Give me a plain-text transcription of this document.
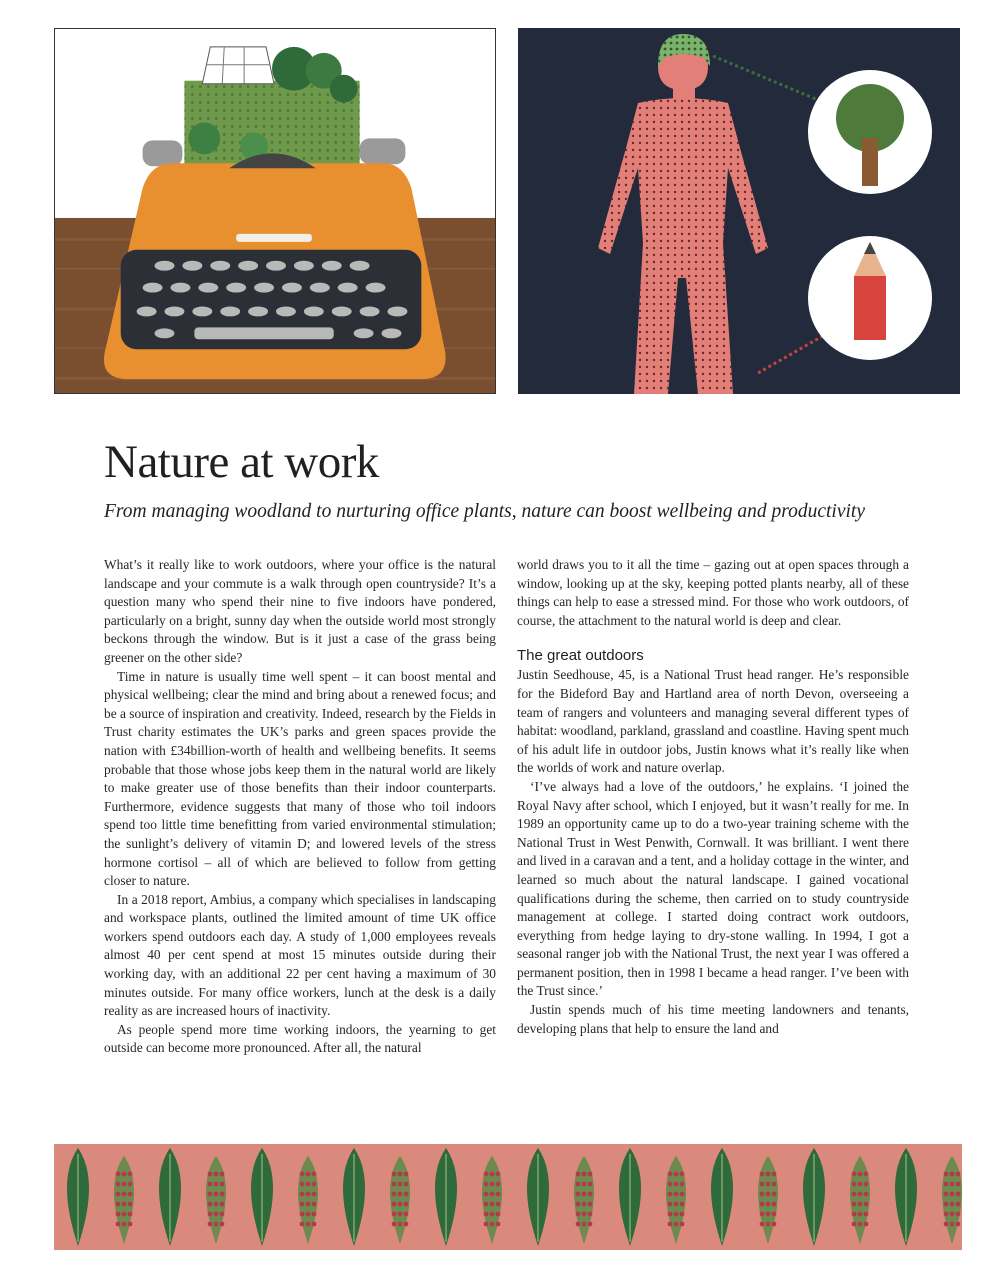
Nature at work

From managing woodland to nurturing office plants, nature can boost wellbeing and productivity

What’s it really like to work outdoors, where your office is the natural landscape and your commute is a walk through open countryside? It’s a question many who spend their nine to five indoors have pondered, particularly on a bright, sunny day when the outside world most strongly beckons through the window. But is it just a case of the grass being greener on the other side?

Time in nature is usually time well spent – it can boost mental and physical wellbeing; clear the mind and bring about a renewed focus; and be a source of inspiration and creativity. Indeed, research by the Fields in Trust charity estimates the UK’s parks and green spaces provide the nation with £34billion-worth of health and wellbeing benefits. It seems probable that those whose jobs keep them in the natural world are likely to make greater use of those benefits than their indoor counterparts. Furthermore, evidence suggests that many of those who toil indoors spend too little time benefitting from varied environmental stimulation; the sunlight’s delivery of vitamin D; and lowered levels of the stress hormone cortisol – all of which are believed to follow from getting closer to nature.

In a 2018 report, Ambius, a company which specialises in landscaping and workspace plants, outlined the limited amount of time UK office workers spend outdoors each day. A study of 1,000 employees reveals almost 40 per cent spend at most 15 minutes outside during their working day, with an additional 22 per cent having a maximum of 30 minutes outside. For many office workers, lunch at the desk is a daily reality as are increased hours of inactivity.

As people spend more time working indoors, the yearning to get outside can become more pronounced. After all, the natural

world draws you to it all the time – gazing out at open spaces through a window, looking up at the sky, keeping potted plants nearby, all of these things can help to ease a stressed mind. For those who work outdoors, of course, the attachment to the natural world is deep and clear.

The great outdoors

Justin Seedhouse, 45, is a National Trust head ranger. He’s responsible for the Bideford Bay and Hartland area of north Devon, overseeing a team of rangers and volunteers and managing several different types of habitat: woodland, parkland, grassland and coastline. Having spent much of his adult life in outdoor jobs, Justin knows what it’s really like when the worlds of work and nature overlap.

‘I’ve always had a love of the outdoors,’ he explains. ‘I joined the Royal Navy after school, which I enjoyed, but it wasn’t really for me. In 1989 an opportunity came up to do a two-year training scheme with the National Trust in West Penwith, Cornwall. It was brilliant. I went there and lived in a caravan and a tent, and a holiday cottage in the winter, and learned so much about the natural landscape. I gained vocational qualifications during the scheme, then carried on to study countryside management at college. I started doing contract work outdoors, everything from hedge laying to dry-stone walling. In 1994, I got a seasonal ranger job with the National Trust, the next year I was offered a permanent position, then in 1998 I became a head ranger. I’ve been with the Trust since.’

Justin spends much of his time meeting landowners and tenants, developing plans that help to ensure the land and
